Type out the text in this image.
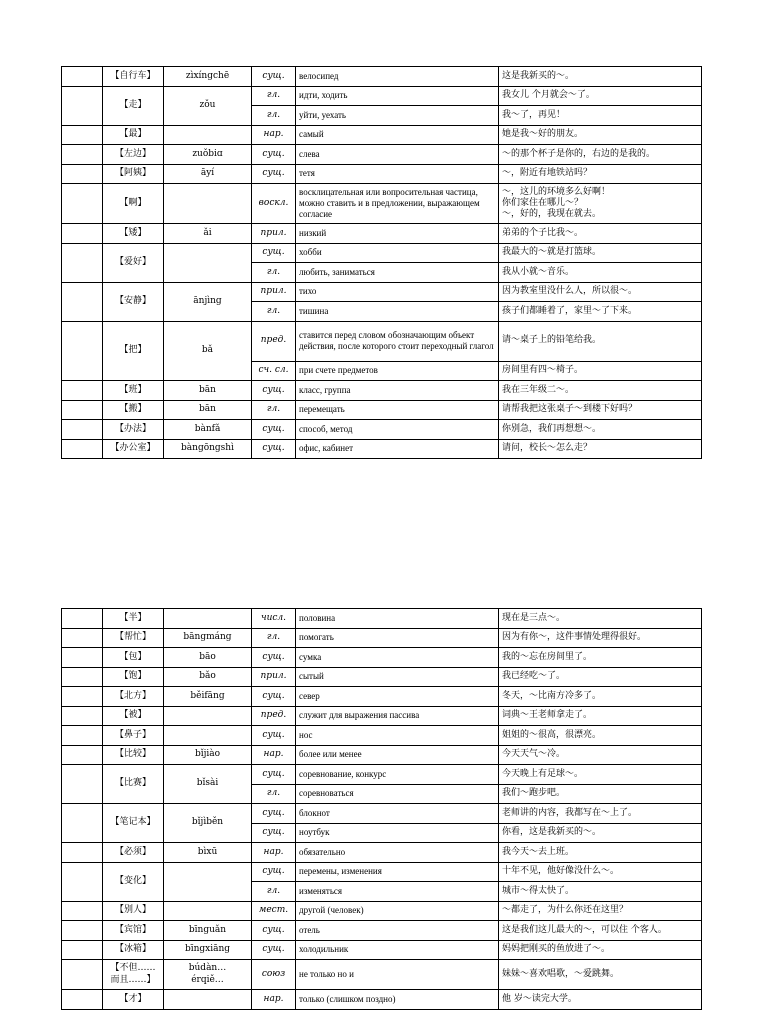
	【自行车】	zìxíngchē	сущ.	велосипед	这是我新买的～。
	【走】	zǒu	гл.	идти, ходить	我女儿 个月就会～了。
			гл.	уйти, уехать	我～了，再见！
	【最】		нар.	самый	她是我～好的朋友。
	【左边】	zuǒbiɑ	сущ.	слева	～的那个杯子是你的，右边的是我的。
	【阿姨】	āyí	сущ.	тетя	～，附近有地铁站吗？
	【啊】		воскл.	восклицательная или вопросительная частица, можно ставить и в предложении, выражающем согласие	～，这儿的环境多么好啊！
你们家住在哪儿～？
～，好的，我现在就去。
	【矮】	ǎi	прил.	низкий	弟弟的个子比我～。
	【爱好】		сущ.	хобби	我最大的～就是打篮球。
			гл.	любить, заниматься	我从小就～音乐。
	【安静】	ānjìng	прил.	тихо	因为教室里没什么人，所以很～。
			гл.	тишина	孩子们都睡着了，家里～了下来。
	【把】	bǎ	пред.	ставится перед словом обозначающим объект действия, после которого стоит переходный глагол	请～桌子上的铅笔给我。
			сч. сл.	при счете предметов	房间里有四～椅子。
	【班】	bān	сущ.	класс, группа	我在三年级二～。
	【搬】	bān	гл.	перемещать	请帮我把这张桌子～到楼下好吗？
	【办法】	bànfǎ	сущ.	способ, метод	你别急，我们再想想～。
	【办公室】	bàngōngshì	сущ.	офис, кабинет	请问，校长～怎么走？
	【半】		числ.	половина	现在是三点～。
	【帮忙】	bāngmáng	гл.	помогать	因为有你～，这件事情处理得很好。
	【包】	bāo	сущ.	сумка	我的～忘在房间里了。
	【饱】	bǎo	прил.	сытый	我已经吃～了。
	【北方】	běifāng	сущ.	север	冬天，～比南方冷多了。
	【被】		пред.	служит для выражения пассива	词典～王老师拿走了。
	【鼻子】		сущ.	нос	姐姐的～很高，很漂亮。
	【比较】	bǐjiào	нар.	более или менее	今天天气～冷。
	【比赛】	bǐsài	сущ.	соревнование, конкурс	今天晚上有足球～。
			гл.	соревноваться	我们～跑步吧。
	【笔记本】	bǐjìběn	сущ.	блокнот	老师讲的内容，我都写在～上了。
			сущ.	ноутбук	你看，这是我新买的～。
	【必须】	bìxū	нар.	обязательно	我今天～去上班。
	【变化】		сущ.	перемены, изменения	十年不见，他好像没什么～。
			гл.	изменяться	城市～得太快了。
	【别人】		мест.	другой (человек)	～都走了，为什么你还在这里？
	【宾馆】	bīnguǎn	сущ.	отель	这是我们这儿最大的～，可以住 个客人。
	【冰箱】	bīngxiāng	сущ.	холодильник	妈妈把刚买的鱼放进了～。
	【不但……
而且……】	búdàn…
érqiě…	союз	не только но и	妹妹～喜欢唱歌，～爱跳舞。
	【才】		нар.	только (слишком поздно)	他 岁～读完大学。
